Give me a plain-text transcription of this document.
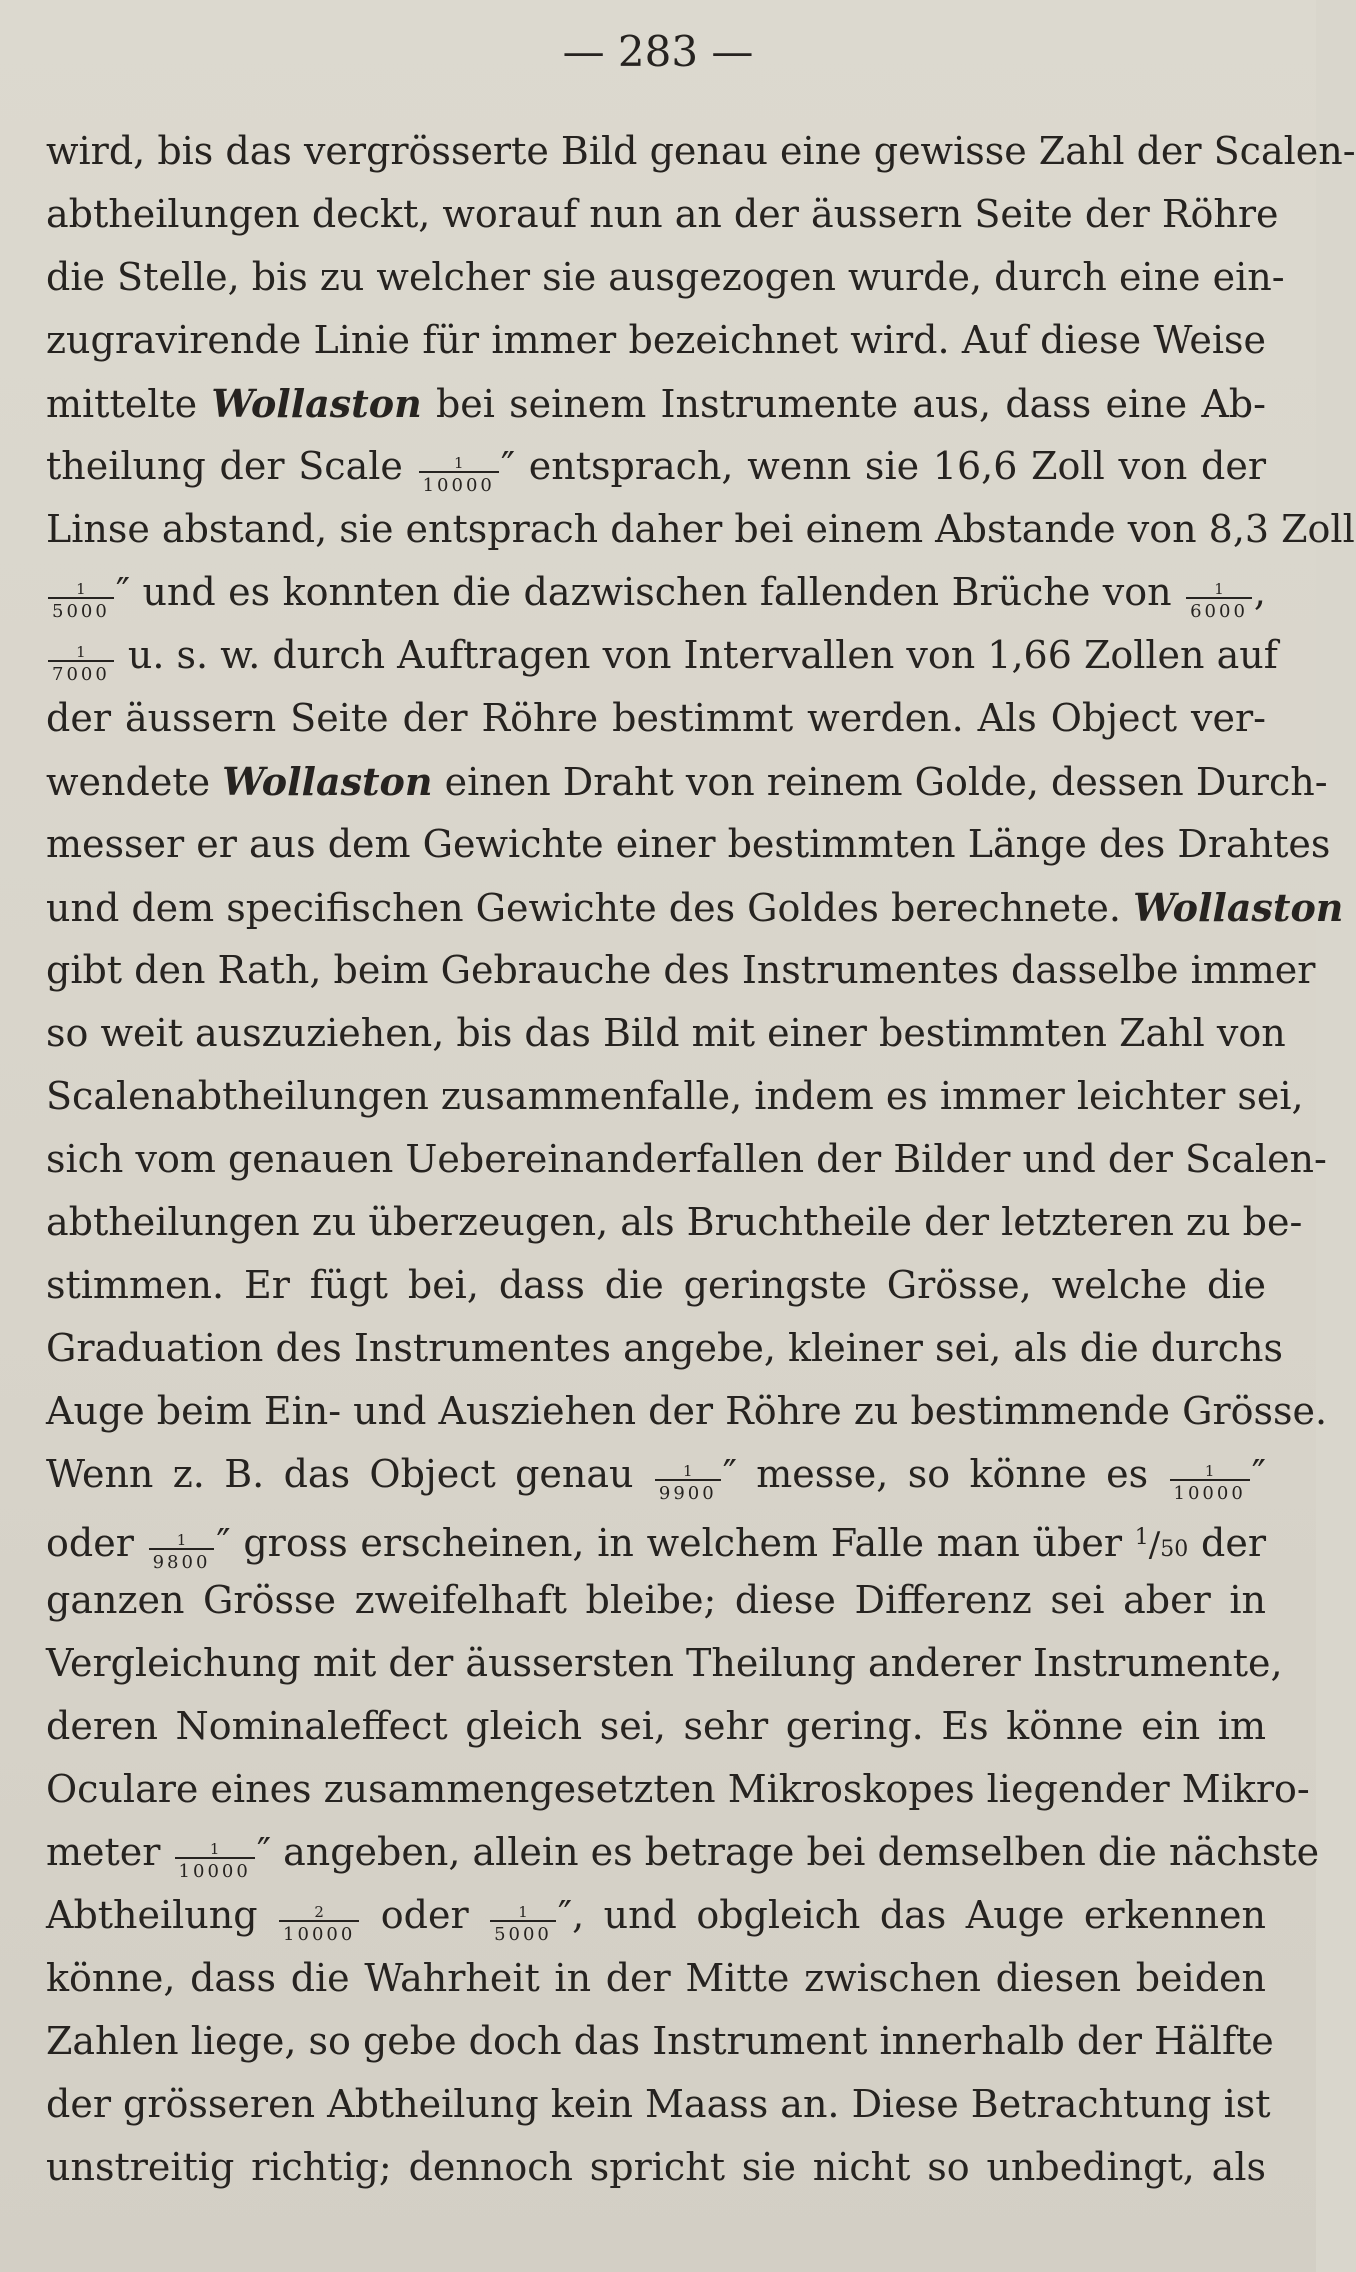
— 283 —
wird, bis das vergrösserte Bild genau eine gewisse Zahl der Scalen-
abtheilungen deckt, worauf nun an der äussern Seite der Röhre
die Stelle, bis zu welcher sie ausgezogen wurde, durch eine ein-
zugravirende Linie für immer bezeichnet wird. Auf diese Weise
mittelte Wollaston bei seinem Instrumente aus, dass eine Ab-
theilung der Scale $\frac{1}{10000}$ ″ entsprach, wenn sie 16,6 Zoll von der
Linse abstand, sie entsprach daher bei einem Abstande von 8,3 Zoll
$\frac{1}{5000}$ ″ und es konnten die dazwischen fallenden Brüche von $\frac{1}{6000}$ ,
$\frac{1}{7000} u$. s. w. durch Auftragen von Intervallen von 1,66 Zollen auf
der äussern Seite der Röhre bestimmt werden. Als Object ver-
wendete Wollaston einen Draht von reinem Golde, dessen Durch-
messer er aus dem Gewichte einer bestimmten Länge des Drahtes
und dem specifischen Gewichte des Goldes berechnete. Wollaston
gibt den Rath, beim Gebrauche des Instrumentes dasselbe immer
so weit auszuziehen, bis das Bild mit einer bestimmten Zahl von
Scalenabtheilungen zusammenfalle, indem es immer leichter sei,
sich vom genauen Uebereinanderfallen der Bilder und der Scalen-
abtheilungen zu überzeugen, als Bruchtheile der letzteren zu be-
stimmen. Er fügt bei, dass die geringste Grösse, welche die
Graduation des Instrumentes angebe, kleiner sei, als die durchs
Auge beim Ein- und Ausziehen der Röhre zu bestimmende Grösse.
Wenn z. B. das Object genau $\frac{1}{9900}$ ″ messe, so könne es $\frac{1}{10000}$ ″
oder $\frac{1}{9800}$ ″ gross erscheinen, in welchem Falle man über $^1$/50 der
ganzen Grösse zweifelhaft bleibe; diese Differenz sei aber in
Vergleichung mit der äussersten Theilung anderer Instrumente,
deren Nominaleffect gleich sei, sehr gering. Es könne ein im
Oculare eines zusammengesetzten Mikroskopes liegender Mikro-
meter $\frac{1}{10000}$ ″ angeben, allein es betrage bei demselben die nächste
Abtheilung $\frac{2}{10000}$ oder $\frac{1}{5000}$ ″, und obgleich das Auge erkennen
könne, dass die Wahrheit in der Mitte zwischen diesen beiden
Zahlen liege, so gebe doch das Instrument innerhalb der Hälfte
der grösseren Abtheilung kein Maass an. Diese Betrachtung ist
unstreitig richtig; dennoch spricht sie nicht so unbedingt, als
